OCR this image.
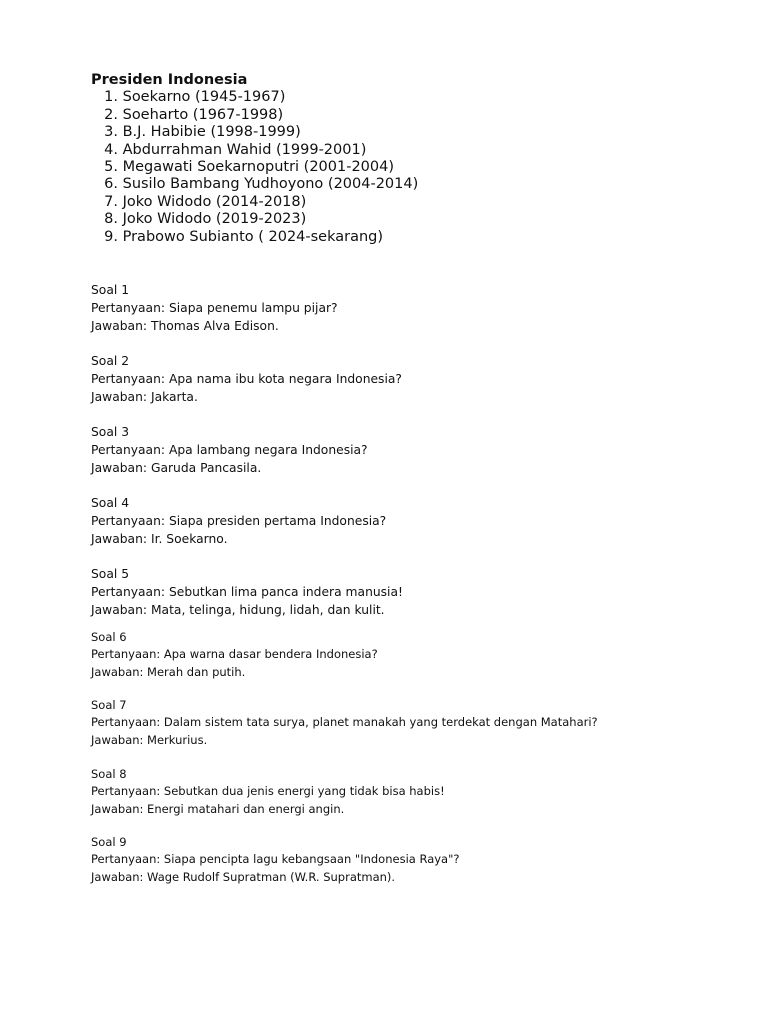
Presiden Indonesia
1.
Soekarno (1945-1967)
2.
Soeharto (1967-1998)
3.
B.J. Habibie (1998-1999)
4.
Abdurrahman Wahid (1999-2001)
5.
Megawati Soekarnoputri (2001-2004)
6.
Susilo Bambang Yudhoyono (2004-2014)
7.
Joko Widodo (2014-2018)
8.
Joko Widodo (2019-2023)
9.
Prabowo Subianto ( 2024-sekarang)
Soal 1
Pertanyaan: Siapa penemu lampu pijar?
Jawaban: Thomas Alva Edison.
Soal 2
Pertanyaan: Apa nama ibu kota negara Indonesia?
Jawaban: Jakarta.
Soal 3
Pertanyaan: Apa lambang negara Indonesia?
Jawaban: Garuda Pancasila.
Soal 4
Pertanyaan: Siapa presiden pertama Indonesia?
Jawaban: Ir. Soekarno.
Soal 5
Pertanyaan: Sebutkan lima panca indera manusia!
Jawaban: Mata, telinga, hidung, lidah, dan kulit.
Soal 6
Pertanyaan: Apa warna dasar bendera Indonesia?
Jawaban: Merah dan putih.
Soal 7
Pertanyaan: Dalam sistem tata surya, planet manakah yang terdekat dengan Matahari?
Jawaban: Merkurius.
Soal 8
Pertanyaan: Sebutkan dua jenis energi yang tidak bisa habis!
Jawaban: Energi matahari dan energi angin.
Soal 9
Pertanyaan: Siapa pencipta lagu kebangsaan "Indonesia Raya"?
Jawaban: Wage Rudolf Supratman (W.R. Supratman).
